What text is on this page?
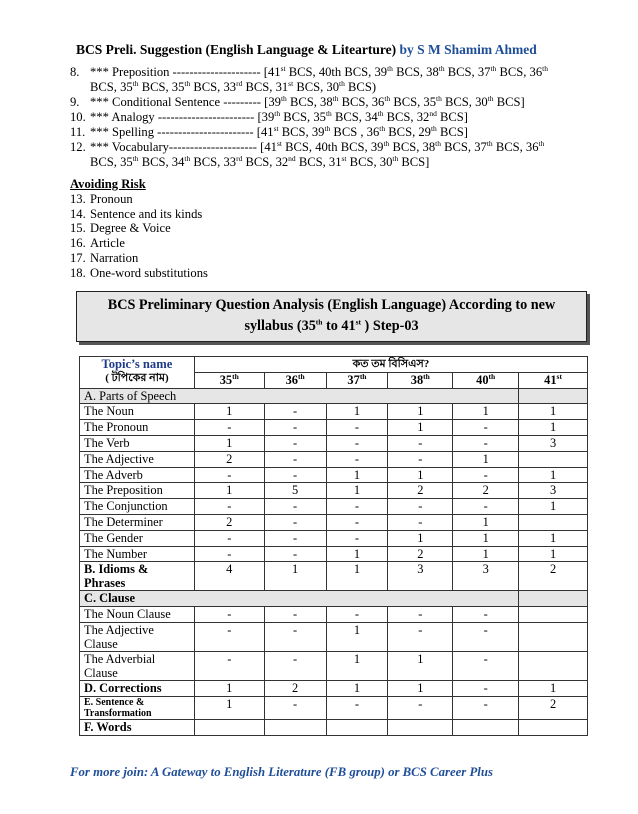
BCS Preli. Suggestion (English Language & Litearture) by S M Shamim Ahmed
8. *** Preposition --------------------- [41st BCS, 40th BCS, 39th BCS, 38th BCS, 37th BCS, 36th BCS, 35th BCS, 35th BCS, 33rd BCS, 31st BCS, 30th BCS)
9. *** Conditional Sentence --------- [39th BCS, 38th BCS, 36th BCS, 35th BCS, 30th BCS]
10. *** Analogy ----------------------- [39th BCS, 35th BCS, 34th BCS, 32nd BCS]
11. *** Spelling ----------------------- [41st BCS, 39th BCS , 36th BCS, 29th BCS]
12. *** Vocabulary--------------------- [41st BCS, 40th BCS, 39th BCS, 38th BCS, 37th BCS, 36th BCS, 35th BCS, 34th BCS, 33rd BCS, 32nd BCS, 31st BCS, 30th BCS]
Avoiding Risk
13. Pronoun
14. Sentence and its kinds
15. Degree & Voice
16. Article
17. Narration
18. One-word substitutions
BCS Preliminary Question Analysis (English Language) According to new
syllabus (35th to 41st ) Step-03
Topic’s name
( টপিকের নাম)	কত তম বিসিএস?					
	35th	36th	37th	38th	40th	41st
A. Parts of Speech						
The Noun	1	-	1	1	1	1
The Pronoun	-	-	-	1	-	1
The Verb	1	-	-	-	-	3
The Adjective	2	-	-	-	1	
The Adverb	-	-	1	1	-	1
The Preposition	1	5	1	2	2	3
The Conjunction	-	-	-	-	-	1
The Determiner	2	-	-	-	1	
The Gender	-	-	-	1	1	1
The Number	-	-	1	2	1	1
B. Idioms & Phrases	4	1	1	3	3	2
C. Clause						
The Noun Clause	-	-	-	-	-	
The Adjective Clause	-	-	1	-	-	
The Adverbial Clause	-	-	1	1	-	
D. Corrections	1	2	1	1	-	1
E. Sentence & Transformation	1	-	-	-	-	2
F. Words						
For more join: A Gateway to English Literature (FB group) or BCS Career Plus
